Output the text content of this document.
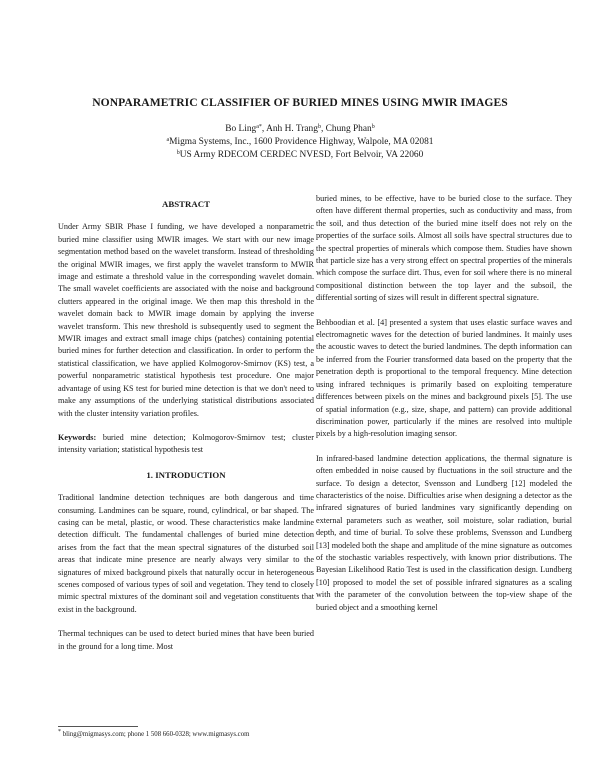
NONPARAMETRIC CLASSIFIER OF BURIED MINES USING MWIR IMAGES
Bo Ling$^{a*}$, Anh H. Trang$^b$, Chung Phan$^b$
$^a$Migma Systems, Inc., 1600 Providence Highway, Walpole, MA 02081
$^b$US Army RDECOM CERDEC NVESD, Fort Belvoir, VA 22060
ABSTRACT

Under Army SBIR Phase I funding, we have developed a nonparametric buried mine classifier using MWIR images. We start with our new image segmentation method based on the wavelet transform. Instead of thresholding the original MWIR images, we first apply the wavelet transform to MWIR image and estimate a threshold value in the corresponding wavelet domain. The small wavelet coefficients are associated with the noise and background clutters appeared in the original image. We then map this threshold in the wavelet domain back to MWIR image domain by applying the inverse wavelet transform. This new threshold is subsequently used to segment the MWIR images and extract small image chips (patches) containing potential buried mines for further detection and classification. In order to perform the statistical classification, we have applied Kolmogorov-Smirnov (KS) test, a powerful nonparametric statistical hypothesis test procedure. One major advantage of using KS test for buried mine detection is that we don't need to make any assumptions of the underlying statistical distributions associated with the cluster intensity variation profiles.

Keywords: buried mine detection; Kolmogorov-Smirnov test; cluster intensity variation; statistical hypothesis test

1. INTRODUCTION

Traditional landmine detection techniques are both dangerous and time consuming. Landmines can be square, round, cylindrical, or bar shaped. The casing can be metal, plastic, or wood. These characteristics make landmine detection difficult. The fundamental challenges of buried mine detection arises from the fact that the mean spectral signatures of the disturbed soil areas that indicate mine presence are nearly always very similar to the signatures of mixed background pixels that naturally occur in heterogeneous scenes composed of various types of soil and vegetation. They tend to closely mimic spectral mixtures of the dominant soil and vegetation constituents that exist in the background.

Thermal techniques can be used to detect buried mines that have been buried in the ground for a long time. Most

buried mines, to be effective, have to be buried close to the surface. They often have different thermal properties, such as conductivity and mass, from the soil, and thus detection of the buried mine itself does not rely on the properties of the surface soils. Almost all soils have spectral structures due to the spectral properties of minerals which compose them. Studies have shown that particle size has a very strong effect on spectral properties of the minerals which compose the surface dirt. Thus, even for soil where there is no mineral compositional distinction between the top layer and the subsoil, the differential sorting of sizes will result in different spectral signature.

Behboodian et al. [4] presented a system that uses elastic surface waves and electromagnetic waves for the detection of buried landmines. It mainly uses the acoustic waves to detect the buried landmines. The depth information can be inferred from the Fourier transformed data based on the property that the penetration depth is proportional to the temporal frequency. Mine detection using infrared techniques is primarily based on exploiting temperature differences between pixels on the mines and background pixels [5]. The use of spatial information (e.g., size, shape, and pattern) can provide additional discrimination power, particularly if the mines are resolved into multiple pixels by a high-resolution imaging sensor.

In infrared-based landmine detection applications, the thermal signature is often embedded in noise caused by fluctuations in the soil structure and the surface. To design a detector, Svensson and Lundberg [12] modeled the characteristics of the noise. Difficulties arise when designing a detector as the infrared signatures of buried landmines vary significantly depending on external parameters such as weather, soil moisture, solar radiation, burial depth, and time of burial. To solve these problems, Svensson and Lundberg [13] modeled both the shape and amplitude of the mine signature as outcomes of the stochastic variables respectively, with known prior distributions. The Bayesian Likelihood Ratio Test is used in the classification design. Lundberg [10] proposed to model the set of possible infrared signatures as a scaling with the parameter of the convolution between the top-view shape of the buried object and a smoothing kernel

* bling@migmasys.com; phone 1 508 660-0328; www.migmasys.com
